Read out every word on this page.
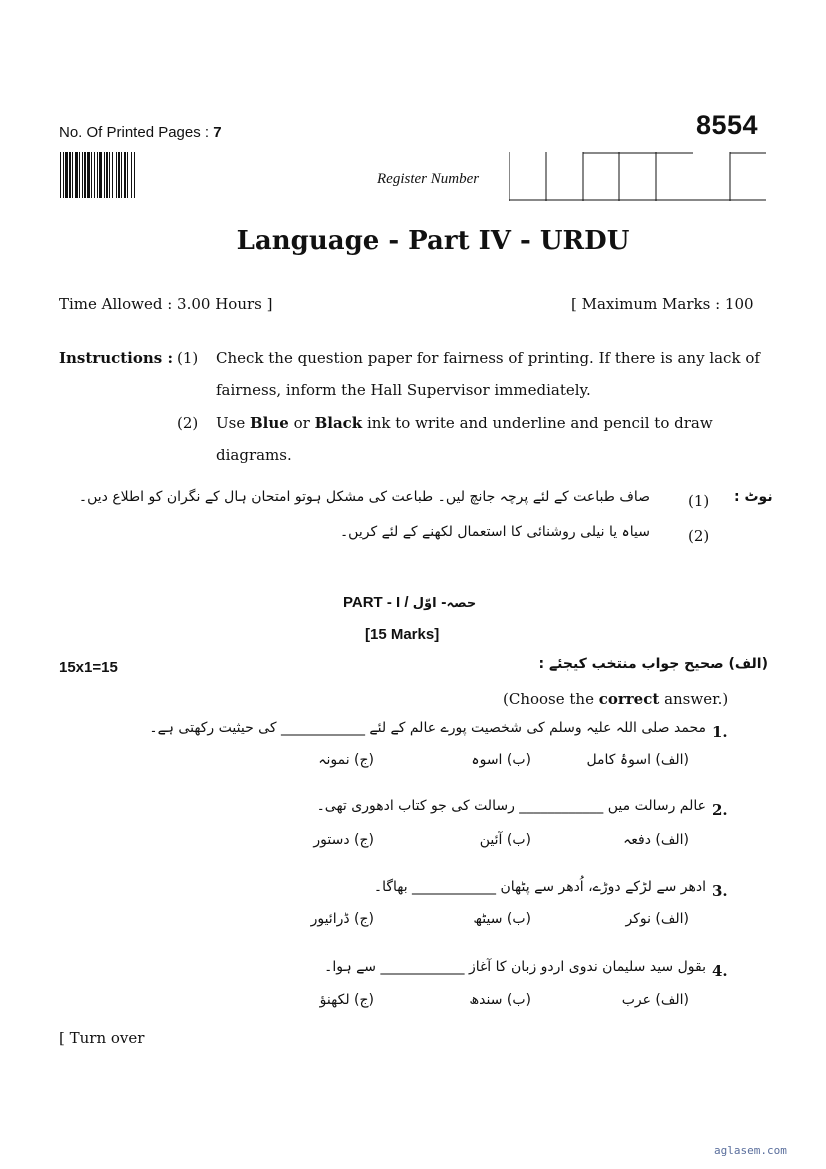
No. Of Printed Pages : 7	8554
Register Number
Language - Part IV - URDU
Time Allowed : 3.00 Hours ]	[ Maximum Marks : 100
Instructions : (1) Check the question paper for fairness of printing. If there is any lack of fairness, inform the Hall Supervisor immediately.
(2) Use Blue or Black ink to write and underline and pencil to draw diagrams.
نوٹ :
(1)
صاف طباعت کے لئے پرچہ جانچ لیں۔ طباعت کی مشکل ہوتو امتحان ہال کے نگران کو اطلاع دیں۔
(2)
سیاہ یا نیلی روشنائی کا استعمال لکھنے کے لئے کریں۔
PART - I / حصہ- اوّل
[15 Marks]
15x1=15	(الف) صحیح جواب منتخب کیجئے :
(Choose the correct answer.)
1.
محمد صلی اللہ علیہ وسلم کی شخصیت پورے عالم کے لئے ____________ کی حیثیت رکھتی ہے۔
(الف) اسوۂ کامل
(ب) اسوہ
(ج) نمونہ
2.
عالم رسالت میں ____________ رسالت کی جو کتاب ادھوری تھی۔
(الف) دفعہ
(ب) آئین
(ج) دستور
3.
ادھر سے لڑکے دوڑے، اُدھر سے پٹھان ____________ بھاگا۔
(الف) نوکر
(ب) سیٹھ
(ج) ڈرائیور
4.
بقول سید سلیمان ندوی اردو زبان کا آغاز ____________ سے ہوا۔
(الف) عرب
(ب) سندھ
(ج) لکھنؤ
[ Turn over
aglasem.com
